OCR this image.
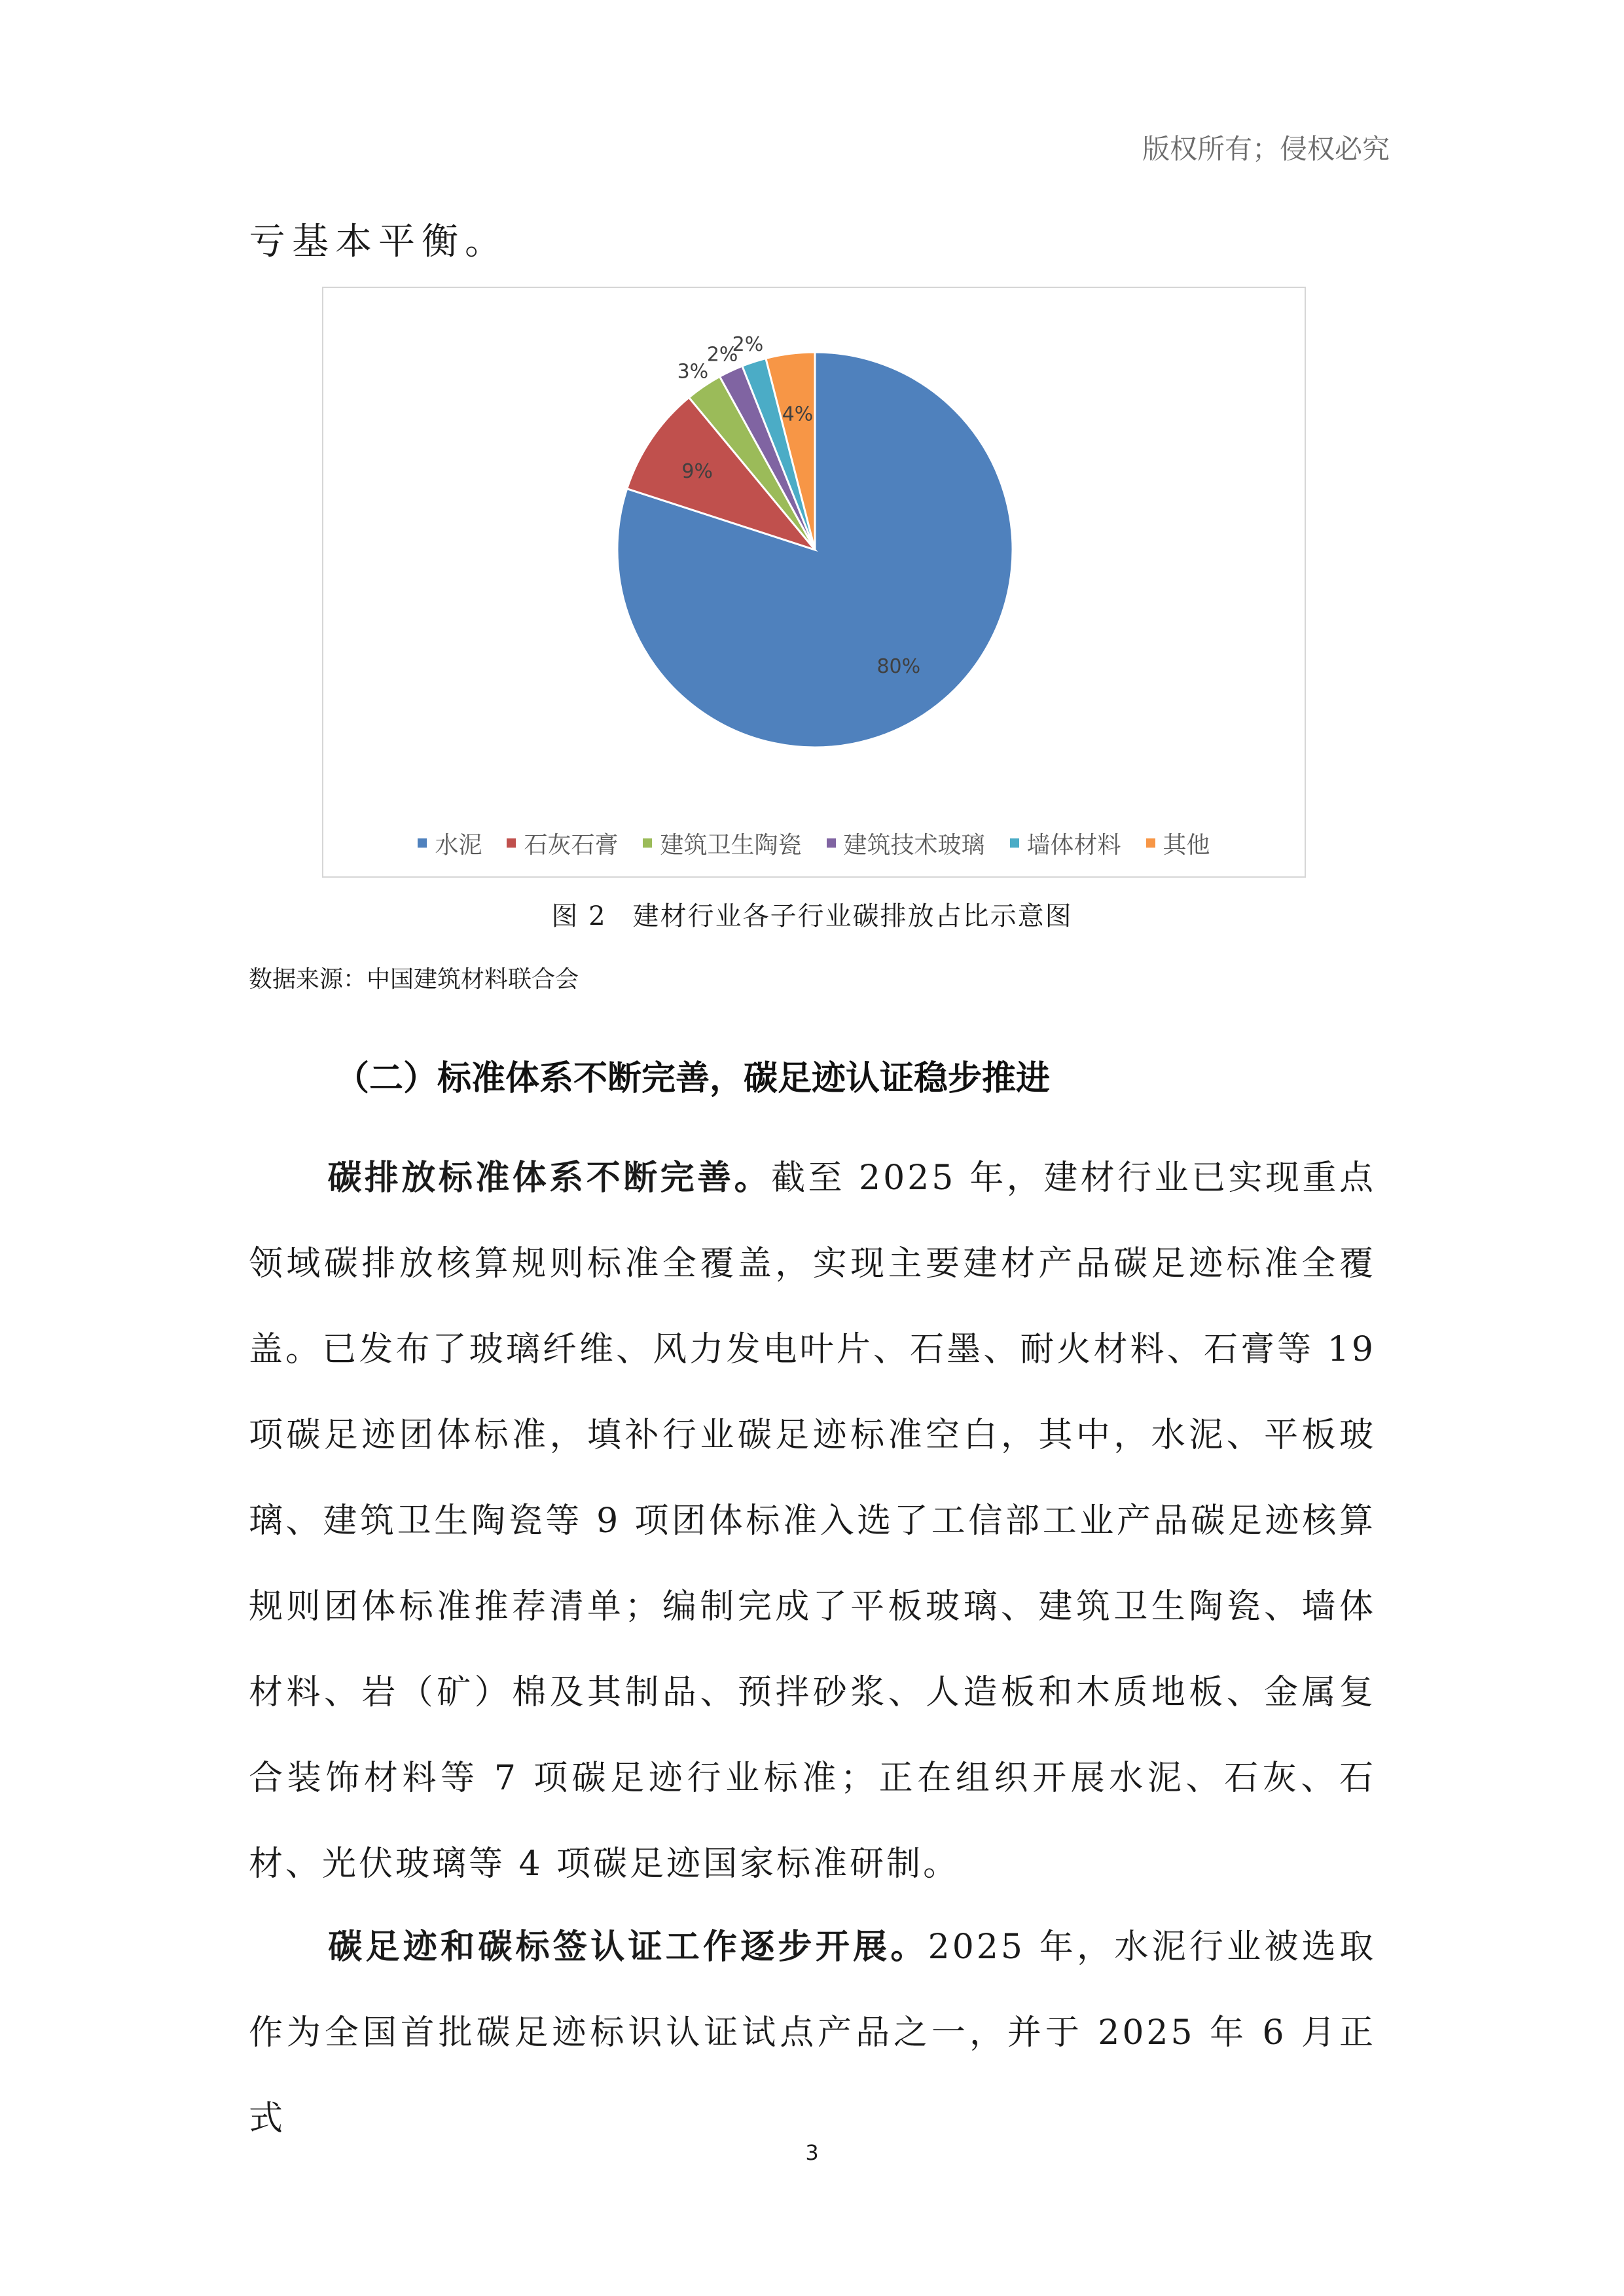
版权所有；侵权必究
亏基本平衡。
80%
9%
3%
2%
2%
4%
水泥 石灰石膏 建筑卫生陶瓷 建筑技术玻璃 墙体材料 其他
图 2 建材行业各子行业碳排放占比示意图
数据来源：中国建筑材料联合会
（二）标准体系不断完善，碳足迹认证稳步推进
碳排放标准体系不断完善。截至 2025 年，建材行业已实现重点领域碳排放核算规则标准全覆盖，实现主要建材产品碳足迹标准全覆盖。已发布了玻璃纤维、风力发电叶片、石墨、耐火材料、石膏等 19 项碳足迹团体标准，填补行业碳足迹标准空白，其中，水泥、平板玻璃、建筑卫生陶瓷等 9 项团体标准入选了工信部工业产品碳足迹核算规则团体标准推荐清单；编制完成了平板玻璃、建筑卫生陶瓷、墙体材料、岩（矿）棉及其制品、预拌砂浆、人造板和木质地板、金属复合装饰材料等 7 项碳足迹行业标准；正在组织开展水泥、石灰、石材、光伏玻璃等 4 项碳足迹国家标准研制。
碳足迹和碳标签认证工作逐步开展。2025 年，水泥行业被选取作为全国首批碳足迹标识认证试点产品之一，并于 2025 年 6 月正式
3
